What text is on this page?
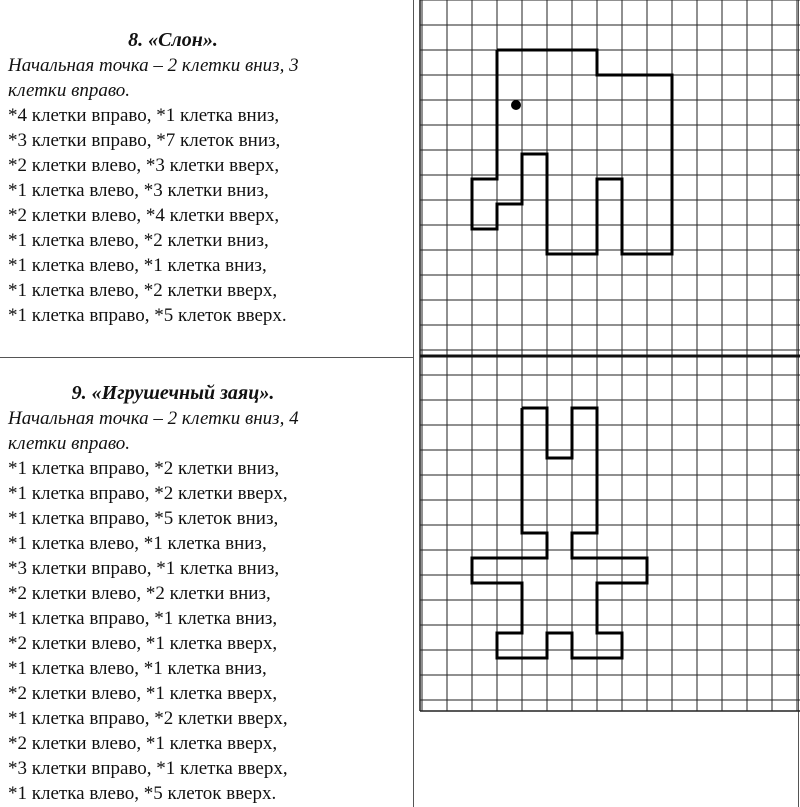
8. «Слон».

Начальная точка – 2 клетки вниз, 3

клетки вправо.

*4 клетки вправо, *1 клетка вниз,

*3 клетки вправо, *7 клеток вниз,

*2 клетки влево, *3 клетки вверх,

*1 клетка влево, *3 клетки вниз,

*2 клетки влево, *4 клетки вверх,

*1 клетка влево, *2 клетки вниз,

*1 клетка влево, *1 клетка вниз,

*1 клетка влево, *2 клетки вверх,

*1 клетка вправо, *5 клеток вверх.

9. «Игрушечный заяц».

Начальная точка – 2 клетки вниз, 4

клетки вправо.

*1 клетка вправо, *2 клетки вниз,

*1 клетка вправо, *2 клетки вверх,

*1 клетка вправо, *5 клеток вниз,

*1 клетка влево, *1 клетка вниз,

*3 клетки вправо, *1 клетка вниз,

*2 клетки влево, *2 клетки вниз,

*1 клетка вправо, *1 клетка вниз,

*2 клетки влево, *1 клетка вверх,

*1 клетка влево, *1 клетка вниз,

*2 клетки влево, *1 клетка вверх,

*1 клетка вправо, *2 клетки вверх,

*2 клетки влево, *1 клетка вверх,

*3 клетки вправо, *1 клетка вверх,

*1 клетка влево, *5 клеток вверх.
